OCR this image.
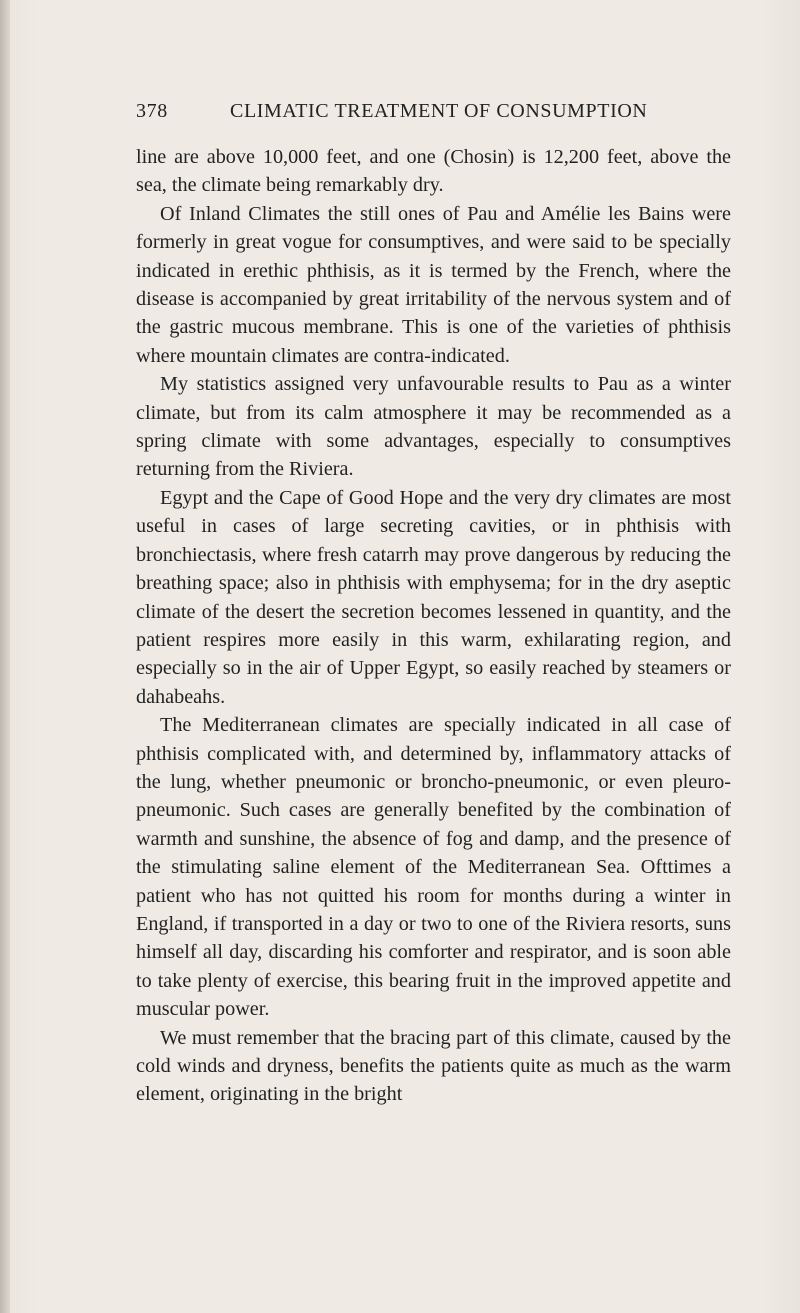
378	CLIMATIC TREATMENT OF CONSUMPTION

line are above 10,000 feet, and one (Chosin) is 12,200 feet, above the sea, the climate being remarkably dry.

Of Inland Climates the still ones of Pau and Amélie les Bains were formerly in great vogue for consumptives, and were said to be specially indicated in erethic phthisis, as it is termed by the French, where the disease is accompanied by great irritability of the nervous system and of the gastric mucous membrane. This is one of the varieties of phthisis where mountain climates are contra-indicated.

My statistics assigned very unfavourable results to Pau as a winter climate, but from its calm atmosphere it may be recommended as a spring climate with some advantages, especially to consumptives returning from the Riviera.

Egypt and the Cape of Good Hope and the very dry climates are most useful in cases of large secreting cavities, or in phthisis with bronchiectasis, where fresh catarrh may prove dangerous by reducing the breathing space; also in phthisis with emphysema; for in the dry aseptic climate of the desert the secretion becomes lessened in quantity, and the patient respires more easily in this warm, exhilarating region, and especially so in the air of Upper Egypt, so easily reached by steamers or dahabeahs.

The Mediterranean climates are specially indicated in all case of phthisis complicated with, and determined by, inflammatory attacks of the lung, whether pneumonic or broncho-pneumonic, or even pleuro-pneumonic. Such cases are generally benefited by the combination of warmth and sunshine, the absence of fog and damp, and the presence of the stimulating saline element of the Mediterranean Sea. Ofttimes a patient who has not quitted his room for months during a winter in England, if transported in a day or two to one of the Riviera resorts, suns himself all day, discarding his comforter and respirator, and is soon able to take plenty of exercise, this bearing fruit in the improved appetite and muscular power.

We must remember that the bracing part of this climate, caused by the cold winds and dryness, benefits the patients quite as much as the warm element, originating in the bright
